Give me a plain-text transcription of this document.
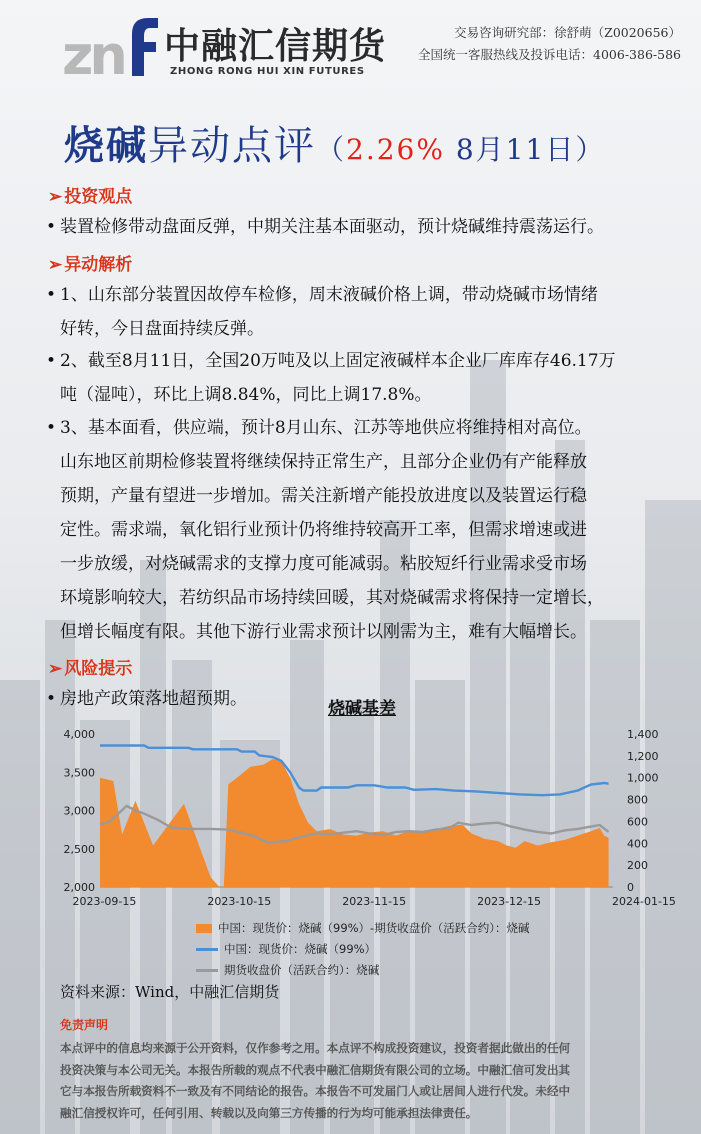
zn 中融汇信期货
ZHONG RONG HUI XIN FUTURES
交易咨询研究部：徐舒萌（Z0020656）
全国统一客服热线及投诉电话：4006-386-586
烧碱异动点评（2.26% 8月11日）
➢ 投资观点
• 装置检修带动盘面反弹，中期关注基本面驱动，预计烧碱维持震荡运行。
➢ 异动解析
• 1、山东部分装置因故停车检修，周末液碱价格上调，带动烧碱市场情绪
好转，今日盘面持续反弹。
• 2、截至8月11日，全国20万吨及以上固定液碱样本企业厂库库存46.17万
吨（湿吨），环比上调8.84%，同比上调17.8%。
• 3、基本面看，供应端，预计8月山东、江苏等地供应将维持相对高位。
山东地区前期检修装置将继续保持正常生产，且部分企业仍有产能释放
预期，产量有望进一步增加。需关注新增产能投放进度以及装置运行稳
定性。需求端，氧化铝行业预计仍将维持较高开工率，但需求增速或进
一步放缓，对烧碱需求的支撑力度可能减弱。粘胶短纤行业需求受市场
环境影响较大，若纺织品市场持续回暖，其对烧碱需求将保持一定增长，
但增长幅度有限。其他下游行业需求预计以刚需为主，难有大幅增长。
➢ 风险提示
• 房地产政策落地超预期。	烧碱基差
2,000
2,500
3,000
3,500
4,000
0
200
400
600
800
1,000
1,200
1,400
2023-09-15	2023-10-15	2023-11-15	2023-12-15	2024-01-15
中国：现货价：烧碱（99%）-期货收盘价（活跃合约）：烧碱
中国：现货价：烧碱（99%）
期货收盘价（活跃合约）：烧碱
资料来源：Wind，中融汇信期货
免责声明
本点评中的信息均来源于公开资料，仅作参考之用。本点评不构成投资建议，投资者据此做出的任何
投资决策与本公司无关。本报告所载的观点不代表中融汇信期货有限公司的立场。中融汇信可发出其
它与本报告所载资料不一致及有不同结论的报告。本报告不可发届门人或让居间人进行代发。未经中
融汇信授权许可，任何引用、转载以及向第三方传播的行为均可能承担法律责任。
